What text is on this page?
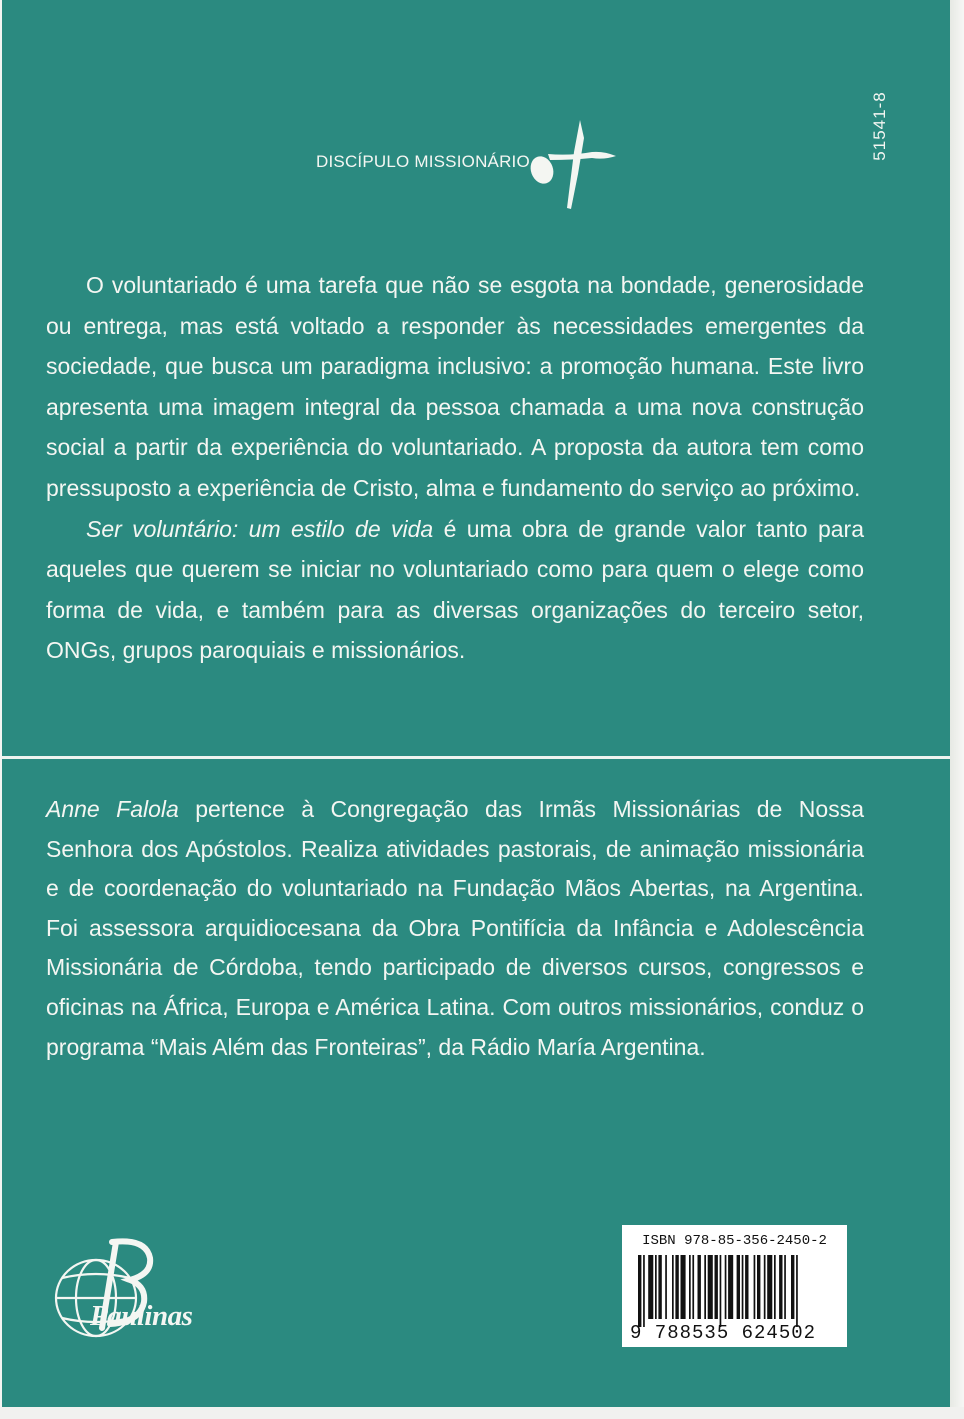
51541-8
DISCÍPULO MISSIONÁRIO

O voluntariado é uma tarefa que não se esgota na bondade, generosidade ou entrega, mas está voltado a responder às necessidades emergentes da sociedade, que busca um paradigma inclusivo: a promoção humana. Este livro apresenta uma imagem integral da pessoa chamada a uma nova construção social a partir da experiência do voluntariado. A proposta da autora tem como pressuposto a experiência de Cristo, alma e fundamento do serviço ao próximo.

Ser voluntário: um estilo de vida é uma obra de grande valor tanto para aqueles que querem se iniciar no voluntariado como para quem o elege como forma de vida, e também para as diversas organizações do terceiro setor, ONGs, grupos paroquiais e missionários.

Anne Falola pertence à Congregação das Irmãs Missionárias de Nossa Senhora dos Apóstolos. Realiza atividades pastorais, de animação missionária e de coordenação do voluntariado na Fundação Mãos Abertas, na Argentina. Foi assessora arquidiocesana da Obra Pontifícia da Infância e Adolescência Missionária de Córdoba, tendo participado de diversos cursos, congressos e oficinas na África, Europa e América Latina. Com outros missionários, conduz o programa “Mais Além das Fronteiras”, da Rádio María Argentina.

Paulinas
ISBN 978-85-356-2450-2
9 788535 624502
